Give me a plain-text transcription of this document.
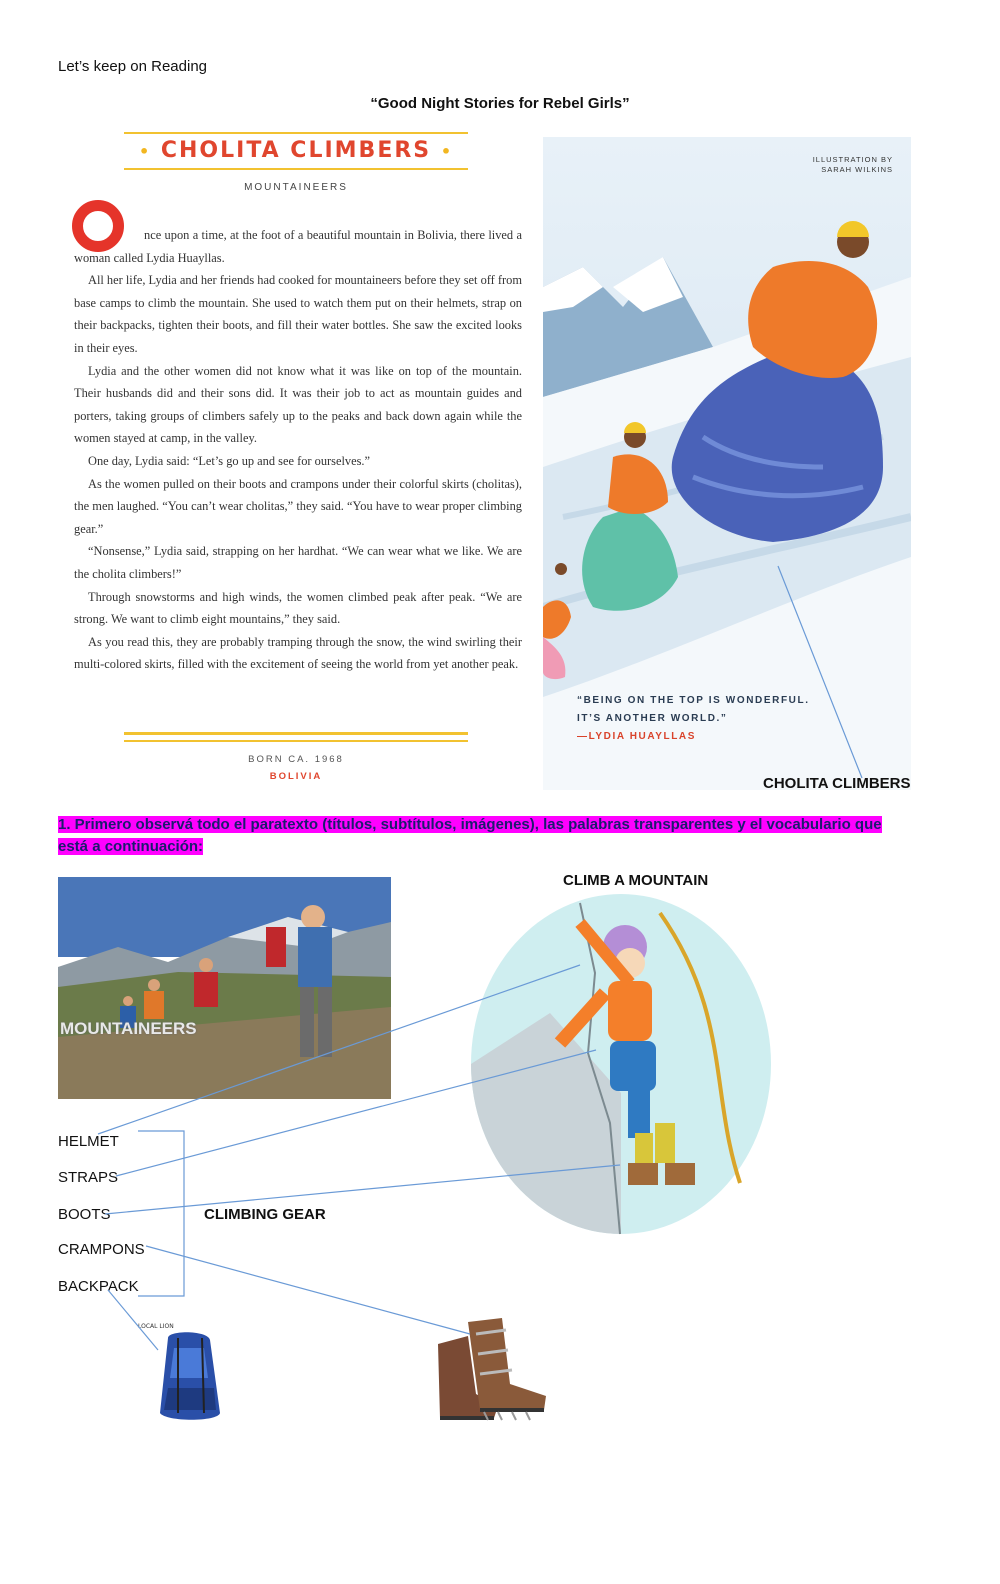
Let’s keep on Reading
“Good Night Stories for Rebel Girls”
• CHOLITA CLIMBERS •
MOUNTAINEERS

nce upon a time, at the foot of a beautiful mountain in Bolivia, there lived a woman called Lydia Huayllas.

All her life, Lydia and her friends had cooked for mountaineers before they set off from base camps to climb the mountain. She used to watch them put on their helmets, strap on their backpacks, tighten their boots, and fill their water bottles. She saw the excited looks in their eyes.

Lydia and the other women did not know what it was like on top of the mountain. Their husbands did and their sons did. It was their job to act as mountain guides and porters, taking groups of climbers safely up to the peaks and back down again while the women stayed at camp, in the valley.

One day, Lydia said: “Let’s go up and see for ourselves.”

As the women pulled on their boots and crampons under their colorful skirts (cholitas), the men laughed. “You can’t wear cholitas,” they said. “You have to wear proper climbing gear.”

“Nonsense,” Lydia said, strapping on her hardhat. “We can wear what we like. We are the cholita climbers!”

Through snowstorms and high winds, the women climbed peak after peak. “We are strong. We want to climb eight mountains,” they said.

As you read this, they are probably tramping through the snow, the wind swirling their multi-colored skirts, filled with the excitement of seeing the world from yet another peak.

BORN CA. 1968
BOLIVIA
ILLUSTRATION BY
SARAH WILKINS
“BEING ON THE TOP IS WONDERFUL.
IT’S ANOTHER WORLD.”
—LYDIA HUAYLLAS
CHOLITA CLIMBERS
1. Primero observá todo el paratexto (títulos, subtítulos, imágenes), las palabras transparentes y el vocabulario que está a continuación:
MOUNTAINEERS
CLIMB A MOUNTAIN
HELMET
STRAPS
BOOTS
CRAMPONS
BACKPACK
CLIMBING GEAR
LOCAL LION
